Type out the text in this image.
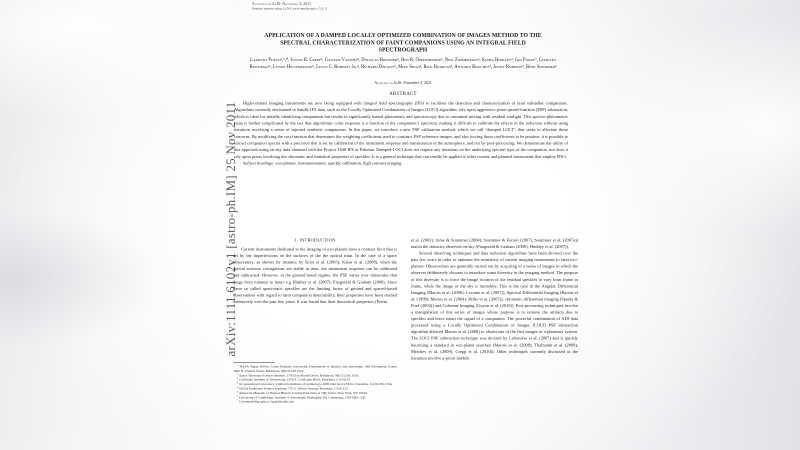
arXiv:1111.6102v1 [astro-ph.IM] 25 Nov 2011
Accepted to ApJS: November 3, 2011
Preprint typeset using LaTeX style emulateapj v. 5/2/11
APPLICATION OF A DAMPED LOCALLY OPTIMIZED COMBINATION OF IMAGES METHOD TO THE SPECTRAL CHARACTERIZATION OF FAINT COMPANIONS USING AN INTEGRAL FIELD SPECTROGRAPH
Laurent Pueyo¹,²,*, Justin R. Crepp³, Gautam Vasisht⁴, Douglas Brenner⁶, Ben R. Oppenheimer⁶, Neil Zimmerman⁶, Sasha Hinkley³, Ian Parry⁷, Charles Beichman⁵, Lynne Hillenbrand³, Lewis C. Roberts Jr.⁴, Richard Dekany³, Mike Shao⁴, Rick Burruss⁴, Antonin Bouchez³, Jenny Roberts³, Rémi Soummer²
Accepted to ApJS: November 3, 2011
ABSTRACT

High-contrast imaging instruments are now being equipped with integral field spectrographs (IFS) to facilitate the detection and characterization of faint substellar companions. Algorithms currently envisioned to handle IFS data, such as the Locally Optimized Combination of Images (LOCI) algorithm, rely upon aggressive point-spread-function (PSF) subtraction, which is ideal for initially identifying companions but results in significantly biased photometry and spectroscopy due to unwanted mixing with residual starlight. This spectro-photometric issue is further complicated by the fact that algorithmic color response is a function of the companion’s spectrum, making it difficult to calibrate the effects of the reduction without using iterations involving a series of injected synthetic companions. In this paper, we introduce a new PSF calibration method, which we call “damped LOCI”, that seeks to alleviate these concerns. By modifying the cost function that determines the weighting coefficients used to construct PSF reference images, and also forcing those coefficients to be positive, it is possible to extract companion spectra with a precision that is set by calibration of the instrument response and transmission of the atmosphere, and not by post-processing. We demonstrate the utility of this approach using on-sky data obtained with the Project 1640 IFS at Palomar. Damped-LOCI does not require any iterations on the underlying spectral type of the companion, nor does it rely upon priors involving the chromatic and statistical properties of speckles. It is a general technique that can readily be applied to other current and planned instruments that employ IFS’s.

Subject headings: exo-planets, instrumentation, speckle calibration, high contrast imaging

1. INTRODUCTION

Current instruments dedicated to the imaging of exo-planets have a contrast floor that is set by the imperfections on the surfaces of the the optical train. In the case of a space observatory, as shown for instance by Krist et al. (2005); Kalas et al. (2008), when the optical surfaces corrugations are stable in time, the instrument response can be calibrated and subtracted. However, in the ground based regime, the PSF varies over timescales that range from minutes to hours e.g Hinkley et al. (2007); Fitzgerald & Graham (2006). Since these so called quasi-static speckles are the limiting factor of ground and spaced-based observations with regard to faint companion detectability, their properties have been studied extensively over the past few years. It was found that their theoretical properties (Perrin

et al. (2003); Aime & Soummer (2004); Soummer & Ferrari (2007); Soummer et al. (2007a)) match the statistics observed on-sky (Fitzgerald & Graham (2006); Hinkley et al. (2007)).

Several observing techniques and data reduction algorithms have been devised over the past few years in order to optimize the sensitivity of current imaging instruments to faint exo-planets. Observations are generally carried out by acquiring of a series of images in which the observer deliberately chooses to introduce some diversity in the imaging method. The purpose of this diversity is to force the image location of the residual speckles to vary from frame to frame, while the image of the sky is immobile. This is the case in the Angular Differential Imaging (Marois et al. (2006); Leconte et al. (2007)), Spectral Differential Imaging (Racine et al. (1999); Marois et al. (2004); Biller et al. (2007)), chromatic differential imaging (Sparks & Ford (2002)) and Coherent Imaging (Guyon et al. (2010)). Post-processing techniques involve a manipulation of this series of images whose purpose is to remove the artifacts due to speckles and leave intact the signal of a companion. The powerful combination of ADI data processed using a Locally Optimized Combination of Images (LOCI) PSF subtraction algorithm allowed Marois et al. (2008) to obtain one of the first images of a planetary system. The LOCI PSF subtraction technique was devised by Lafrenière et al. (2007) and is quickly becoming a standard in exo-planet searches (Marois et al. (2008); Thalmann et al. (2009); Metchev et al. (2009); Crepp et al. (2010)). Other techniques currently discussed in the literature involve a-priori models

$^1$ NASA Sagan Fellow, Johns Hopkins University, Department of physics and astronomy, 366 Bloomberg Center 3400 N. Charles Street, Baltimore, MD 21218 USA
$^2$ Space Telescope Science Institute, 3700 San Martin Drive, Baltimore, MD 21218, USA
$^3$ California Institute of Technology, 1200 E. California Blvd., Pasadena, CA 91125
$^4$ Jet propulsion Laboratory, California Institute of technology, 4800 Oak Grove Drive, Pasadena, CA 91109, USA
$^5$ NASA Exoplanet Science Institute, 770 S. Wilson Avenue, Pasadena, CA 91125
$^6$ American Museum of Natural History, Central Park West at 79th Street, New York, NY 10024
$^7$ University of Cambridge, Institute of Astronomy, Madingley Rd, Cambridge, CB3 0HA, UK
* Corresponding author: lap@pha.jhu.edu
